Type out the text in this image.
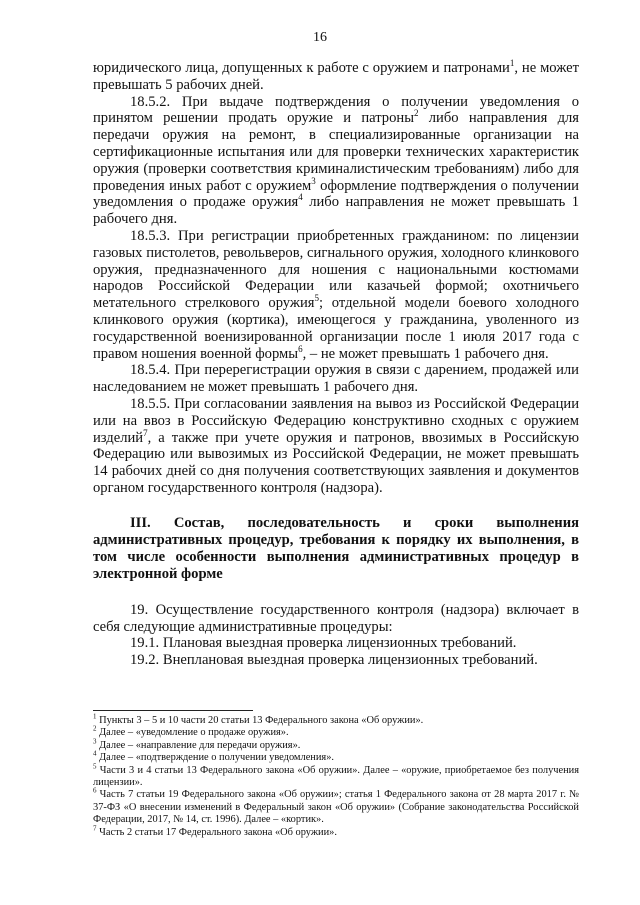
16

юридического лица, допущенных к работе с оружием и патронами$^1$, не может превышать 5 рабочих дней.

18.5.2. При выдаче подтверждения о получении уведомления о принятом решении продать оружие и патроны$^2$ либо направления для передачи оружия на ремонт, в специализированные организации на сертификационные испытания или для проверки технических характеристик оружия (проверки соответствия криминалистическим требованиям) либо для проведения иных работ с оружием$^3$ оформление подтверждения о получении уведомления о продаже оружия$^4$ либо направления не может превышать 1 рабочего дня.

18.5.3. При регистрации приобретенных гражданином: по лицензии газовых пистолетов, револьверов, сигнального оружия, холодного клинкового оружия, предназначенного для ношения с национальными костюмами народов Российской Федерации или казачьей формой; охотничьего метательного стрелкового оружия$^5$; отдельной модели боевого холодного клинкового оружия (кортика), имеющегося у гражданина, уволенного из государственной военизированной организации после 1 июля 2017 года с правом ношения военной формы$^6$, – не может превышать 1 рабочего дня.

18.5.4. При перерегистрации оружия в связи с дарением, продажей или наследованием не может превышать 1 рабочего дня.

18.5.5. При согласовании заявления на вывоз из Российской Федерации или на ввоз в Российскую Федерацию конструктивно сходных с оружием изделий$^7$, а также при учете оружия и патронов, ввозимых в Российскую Федерацию или вывозимых из Российской Федерации, не может превышать 14 рабочих дней со дня получения соответствующих заявления и документов органом государственного контроля (надзора).

III. Состав, последовательность и сроки выполнения административных процедур, требования к порядку их выполнения, в том числе особенности выполнения административных процедур в электронной форме

19. Осуществление государственного контроля (надзора) включает в себя следующие административные процедуры:

19.1. Плановая выездная проверка лицензионных требований.

19.2. Внеплановая выездная проверка лицензионных требований.

$^1$ Пункты 3 – 5 и 10 части 20 статьи 13 Федерального закона «Об оружии».

$^2$ Далее – «уведомление о продаже оружия».

$^3$ Далее – «направление для передачи оружия».

$^4$ Далее – «подтверждение о получении уведомления».

$^5$ Части 3 и 4 статьи 13 Федерального закона «Об оружии». Далее – «оружие, приобретаемое без получения лицензии».

$^6$ Часть 7 статьи 19 Федерального закона «Об оружии»; статья 1 Федерального закона от 28 марта 2017 г. № 37-ФЗ «О внесении изменений в Федеральный закон «Об оружии» (Собрание законодательства Российской Федерации, 2017, № 14, ст. 1996). Далее – «кортик».

$^7$ Часть 2 статьи 17 Федерального закона «Об оружии».
